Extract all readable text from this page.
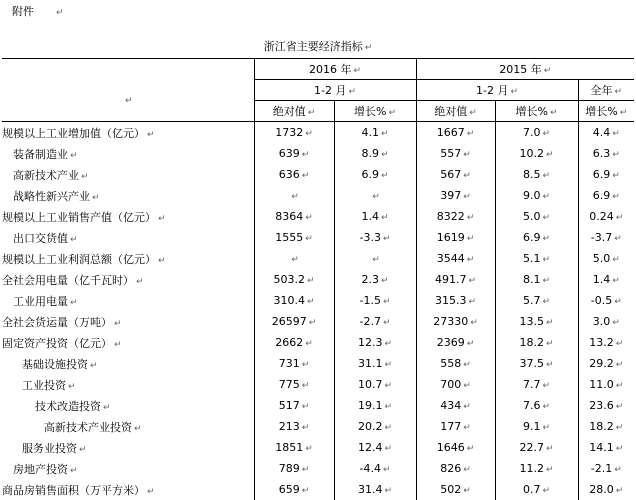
附件 ↵
浙江省主要经济指标 ↵
↵	2016 年 ↵		2015 年 ↵		
	1-2 月 ↵		1-2 月 ↵		全年 ↵
	绝对值 ↵	增长% ↵	绝对值 ↵	增长% ↵	增长% ↵
规模以上工业增加值（亿元） ↵	1732 ↵	4.1 ↵	1667 ↵	7.0 ↵	4.4 ↵
装备制造业 ↵	639 ↵	8.9 ↵	557 ↵	10.2 ↵	6.3 ↵
高新技术产业 ↵	636 ↵	6.9 ↵	567 ↵	8.5 ↵	6.9 ↵
战略性新兴产业 ↵	↵	↵	397 ↵	9.0 ↵	6.9 ↵
规模以上工业销售产值（亿元） ↵	8364 ↵	1.4 ↵	8322 ↵	5.0 ↵	0.24 ↵
出口交货值 ↵	1555 ↵	-3.3 ↵	1619 ↵	6.9 ↵	-3.7 ↵
规模以上工业利润总额（亿元） ↵	↵	↵	3544 ↵	5.1 ↵	5.0 ↵
全社会用电量（亿千瓦时） ↵	503.2 ↵	2.3 ↵	491.7 ↵	8.1 ↵	1.4 ↵
工业用电量 ↵	310.4 ↵	-1.5 ↵	315.3 ↵	5.7 ↵	-0.5 ↵
全社会货运量（万吨） ↵	26597 ↵	-2.7 ↵	27330 ↵	13.5 ↵	3.0 ↵
固定资产投资（亿元） ↵	2662 ↵	12.3 ↵	2369 ↵	18.2 ↵	13.2 ↵
基础设施投资 ↵	731 ↵	31.1 ↵	558 ↵	37.5 ↵	29.2 ↵
工业投资 ↵	775 ↵	10.7 ↵	700 ↵	7.7 ↵	11.0 ↵
技术改造投资 ↵	517 ↵	19.1 ↵	434 ↵	7.6 ↵	23.6 ↵
高新技术产业投资 ↵	213 ↵	20.2 ↵	177 ↵	9.1 ↵	18.2 ↵
服务业投资 ↵	1851 ↵	12.4 ↵	1646 ↵	22.7 ↵	14.1 ↵
房地产投资 ↵	789 ↵	-4.4 ↵	826 ↵	11.2 ↵	-2.1 ↵
商品房销售面积（万平方米） ↵	659 ↵	31.4 ↵	502 ↵	0.7 ↵	28.0 ↵
